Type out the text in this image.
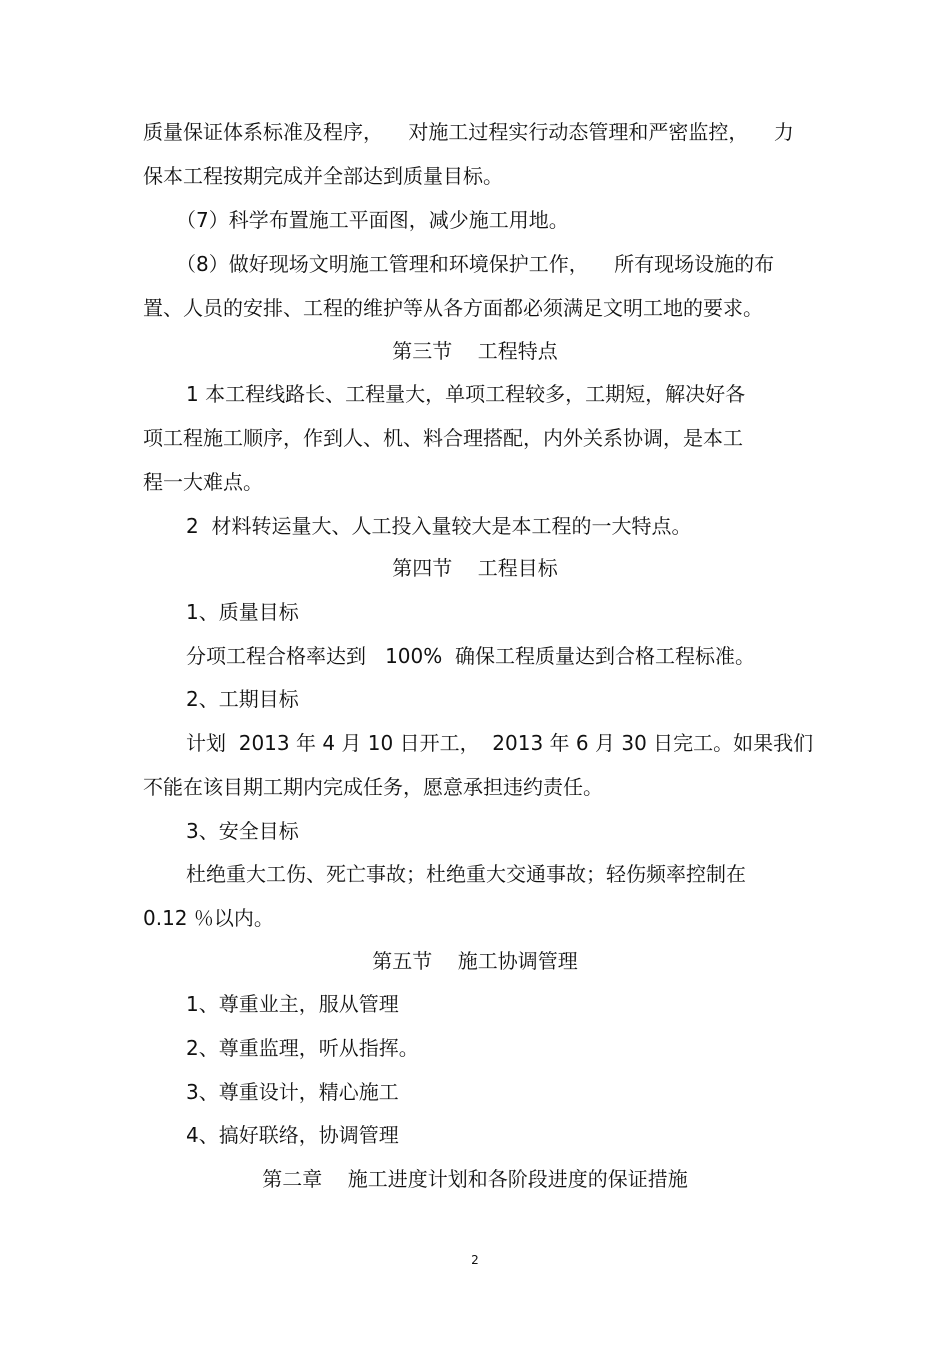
质量保证体系标准及程序，    对施工过程实行动态管理和严密监控，    力
保本工程按期完成并全部达到质量目标。
（7）科学布置施工平面图，减少施工用地。
（8）做好现场文明施工管理和环境保护工作，    所有现场设施的布
置、人员的安排、工程的维护等从各方面都必须满足文明工地的要求。
第三节    工程特点
1 本工程线路长、工程量大，单项工程较多，工期短，解决好各
项工程施工顺序，作到人、机、料合理搭配，内外关系协调，是本工
程一大难点。
2  材料转运量大、人工投入量较大是本工程的一大特点。
第四节    工程目标
1、质量目标
分项工程合格率达到   100%  确保工程质量达到合格工程标准。
2、工期目标
计划  2013 年 4 月 10 日开工，  2013 年 6 月 30 日完工。如果我们
不能在该目期工期内完成任务，愿意承担违约责任。
3、安全目标
杜绝重大工伤、死亡事故；杜绝重大交通事故；轻伤频率控制在
0.12 ％以内。
第五节    施工协调管理
1、尊重业主，服从管理
2、尊重监理，听从指挥。
3、尊重设计，精心施工
4、搞好联络，协调管理
第二章    施工进度计划和各阶段进度的保证措施
2
